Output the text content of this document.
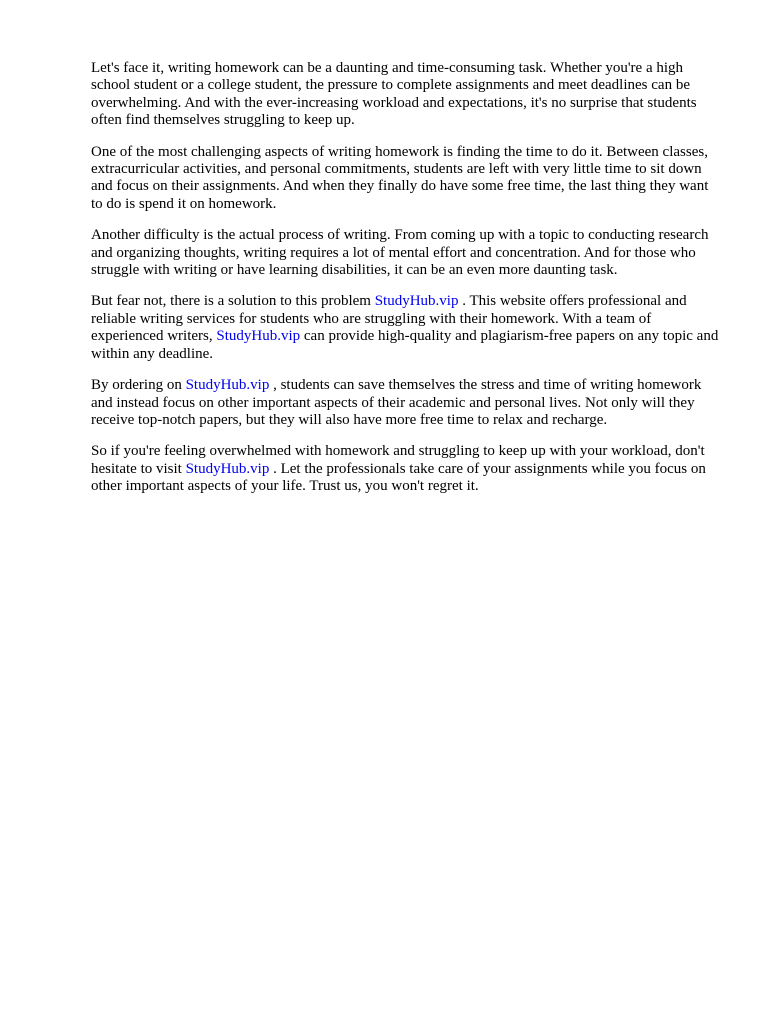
Let's face it, writing homework can be a daunting and time-consuming task. Whether you're a high school student or a college student, the pressure to complete assignments and meet deadlines can be overwhelming. And with the ever-increasing workload and expectations, it's no surprise that students often find themselves struggling to keep up.

One of the most challenging aspects of writing homework is finding the time to do it. Between classes, extracurricular activities, and personal commitments, students are left with very little time to sit down and focus on their assignments. And when they finally do have some free time, the last thing they want to do is spend it on homework.

Another difficulty is the actual process of writing. From coming up with a topic to conducting research and organizing thoughts, writing requires a lot of mental effort and concentration. And for those who struggle with writing or have learning disabilities, it can be an even more daunting task.

But fear not, there is a solution to this problem StudyHub.vip . This website offers professional and reliable writing services for students who are struggling with their homework. With a team of experienced writers, StudyHub.vip can provide high-quality and plagiarism-free papers on any topic and within any deadline.

By ordering on StudyHub.vip , students can save themselves the stress and time of writing homework and instead focus on other important aspects of their academic and personal lives. Not only will they receive top-notch papers, but they will also have more free time to relax and recharge.

So if you're feeling overwhelmed with homework and struggling to keep up with your workload, don't hesitate to visit StudyHub.vip . Let the professionals take care of your assignments while you focus on other important aspects of your life. Trust us, you won't regret it.
